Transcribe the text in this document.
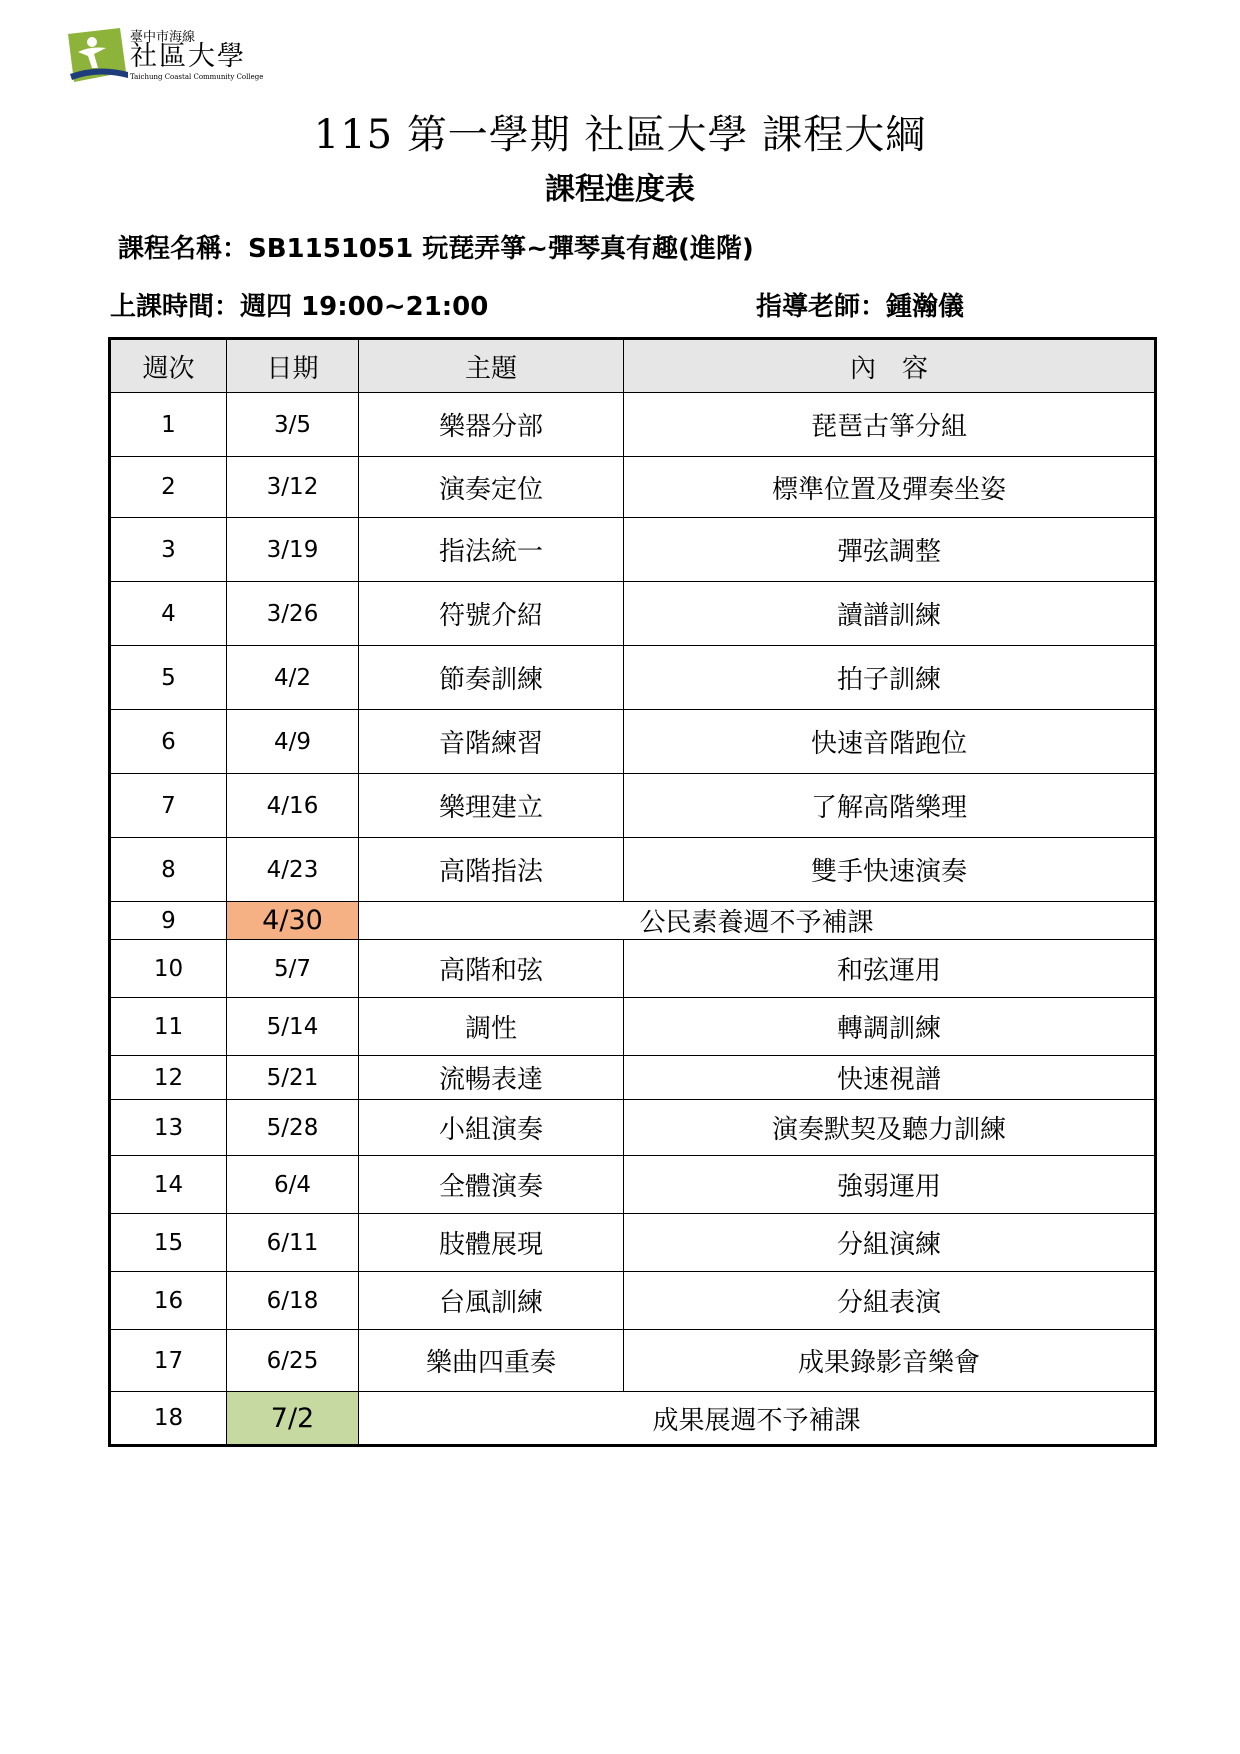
臺中市海線
社區大學
Taichung Coastal Community College
115 第一學期 社區大學 課程大綱
課程進度表
課程名稱：SB1151051 玩琵弄箏~彈琴真有趣(進階)
上課時間：週四 19:00~21:00	指導老師：鍾瀚儀
週次	日期	主題	內　容
1	3/5	樂器分部	琵琶古箏分組
2	3/12	演奏定位	標準位置及彈奏坐姿
3	3/19	指法統一	彈弦調整
4	3/26	符號介紹	讀譜訓練
5	4/2	節奏訓練	拍子訓練
6	4/9	音階練習	快速音階跑位
7	4/16	樂理建立	了解高階樂理
8	4/23	高階指法	雙手快速演奏
9	4/30	公民素養週不予補課	
10	5/7	高階和弦	和弦運用
11	5/14	調性	轉調訓練
12	5/21	流暢表達	快速視譜
13	5/28	小組演奏	演奏默契及聽力訓練
14	6/4	全體演奏	強弱運用
15	6/11	肢體展現	分組演練
16	6/18	台風訓練	分組表演
17	6/25	樂曲四重奏	成果錄影音樂會
18	7/2	成果展週不予補課	
